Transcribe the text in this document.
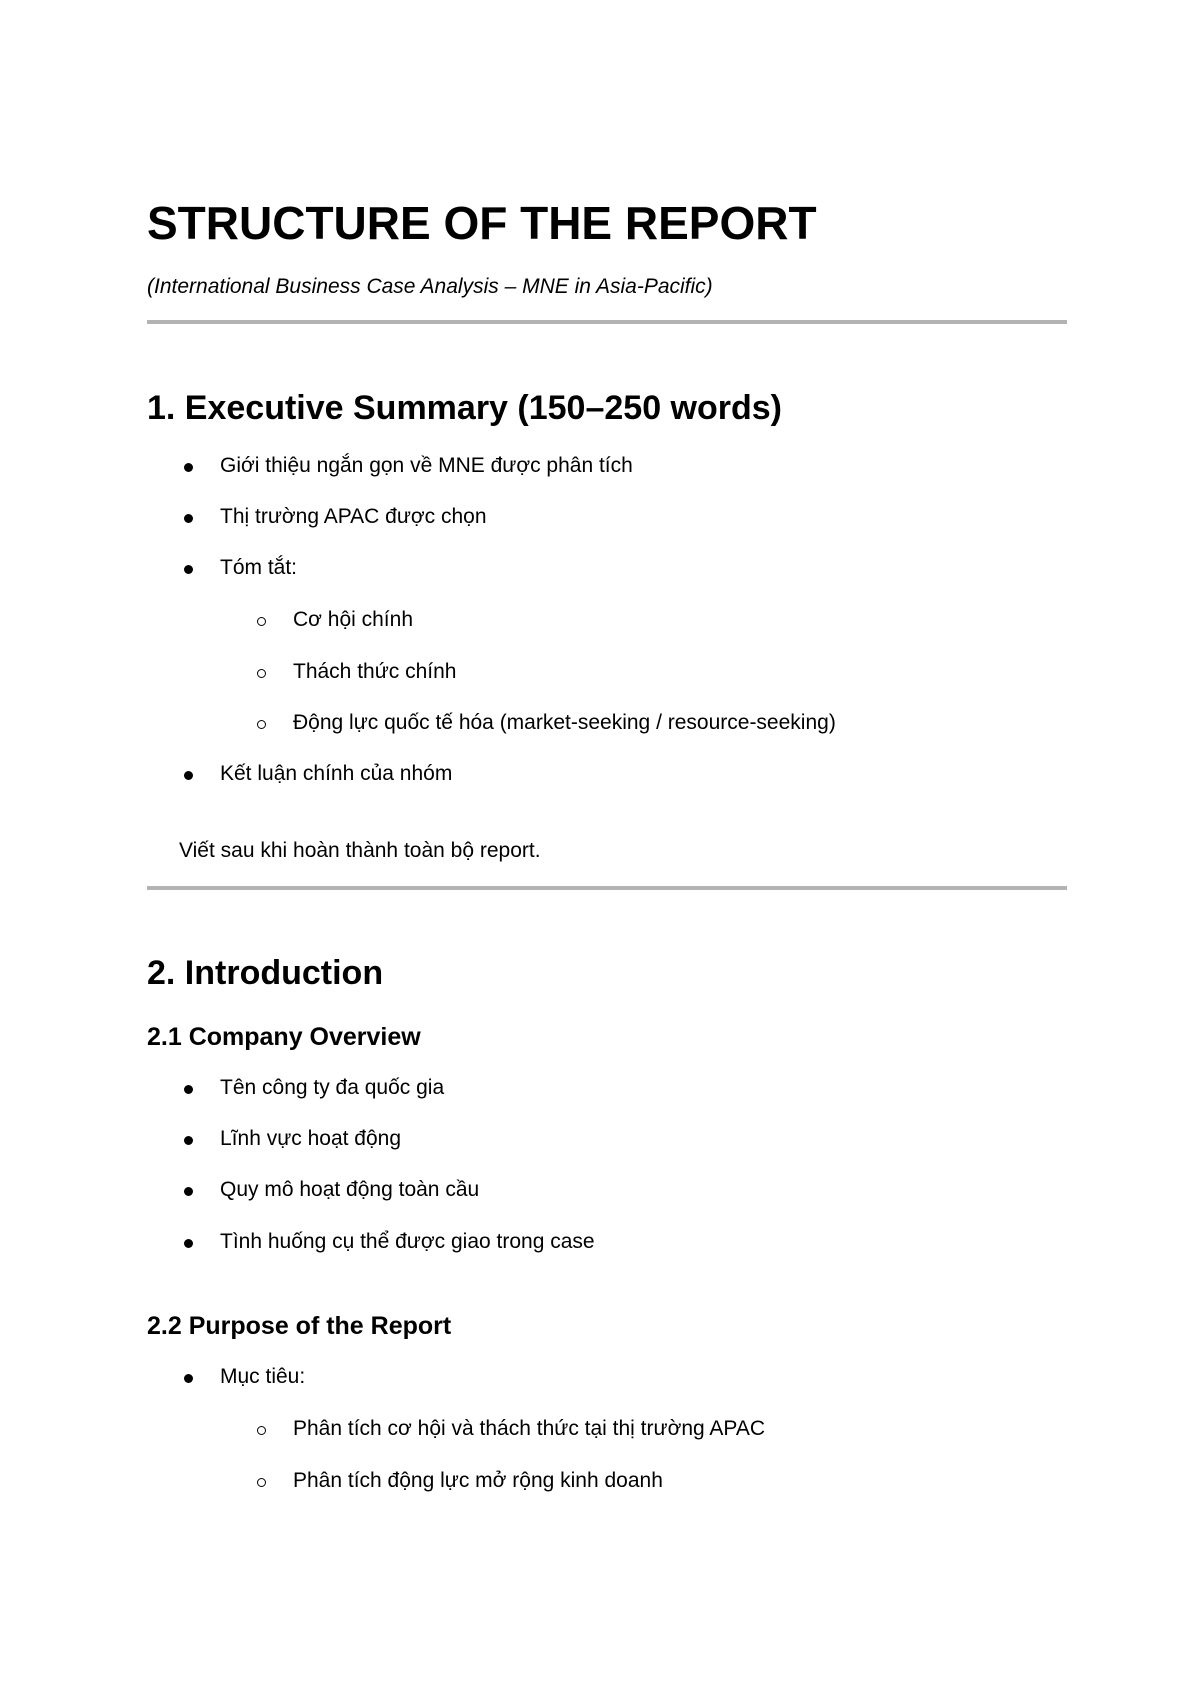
STRUCTURE OF THE REPORT

(International Business Case Analysis – MNE in Asia-Pacific)

1. Executive Summary (150–250 words)
Giới thiệu ngắn gọn về MNE được phân tích
Thị trường APAC được chọn
Tóm tắt:
Cơ hội chính
Thách thức chính
Động lực quốc tế hóa (market-seeking / resource-seeking)
Kết luận chính của nhóm

Viết sau khi hoàn thành toàn bộ report.

2. Introduction
2.1 Company Overview
Tên công ty đa quốc gia
Lĩnh vực hoạt động
Quy mô hoạt động toàn cầu
Tình huống cụ thể được giao trong case
2.2 Purpose of the Report
Mục tiêu:
Phân tích cơ hội và thách thức tại thị trường APAC
Phân tích động lực mở rộng kinh doanh
